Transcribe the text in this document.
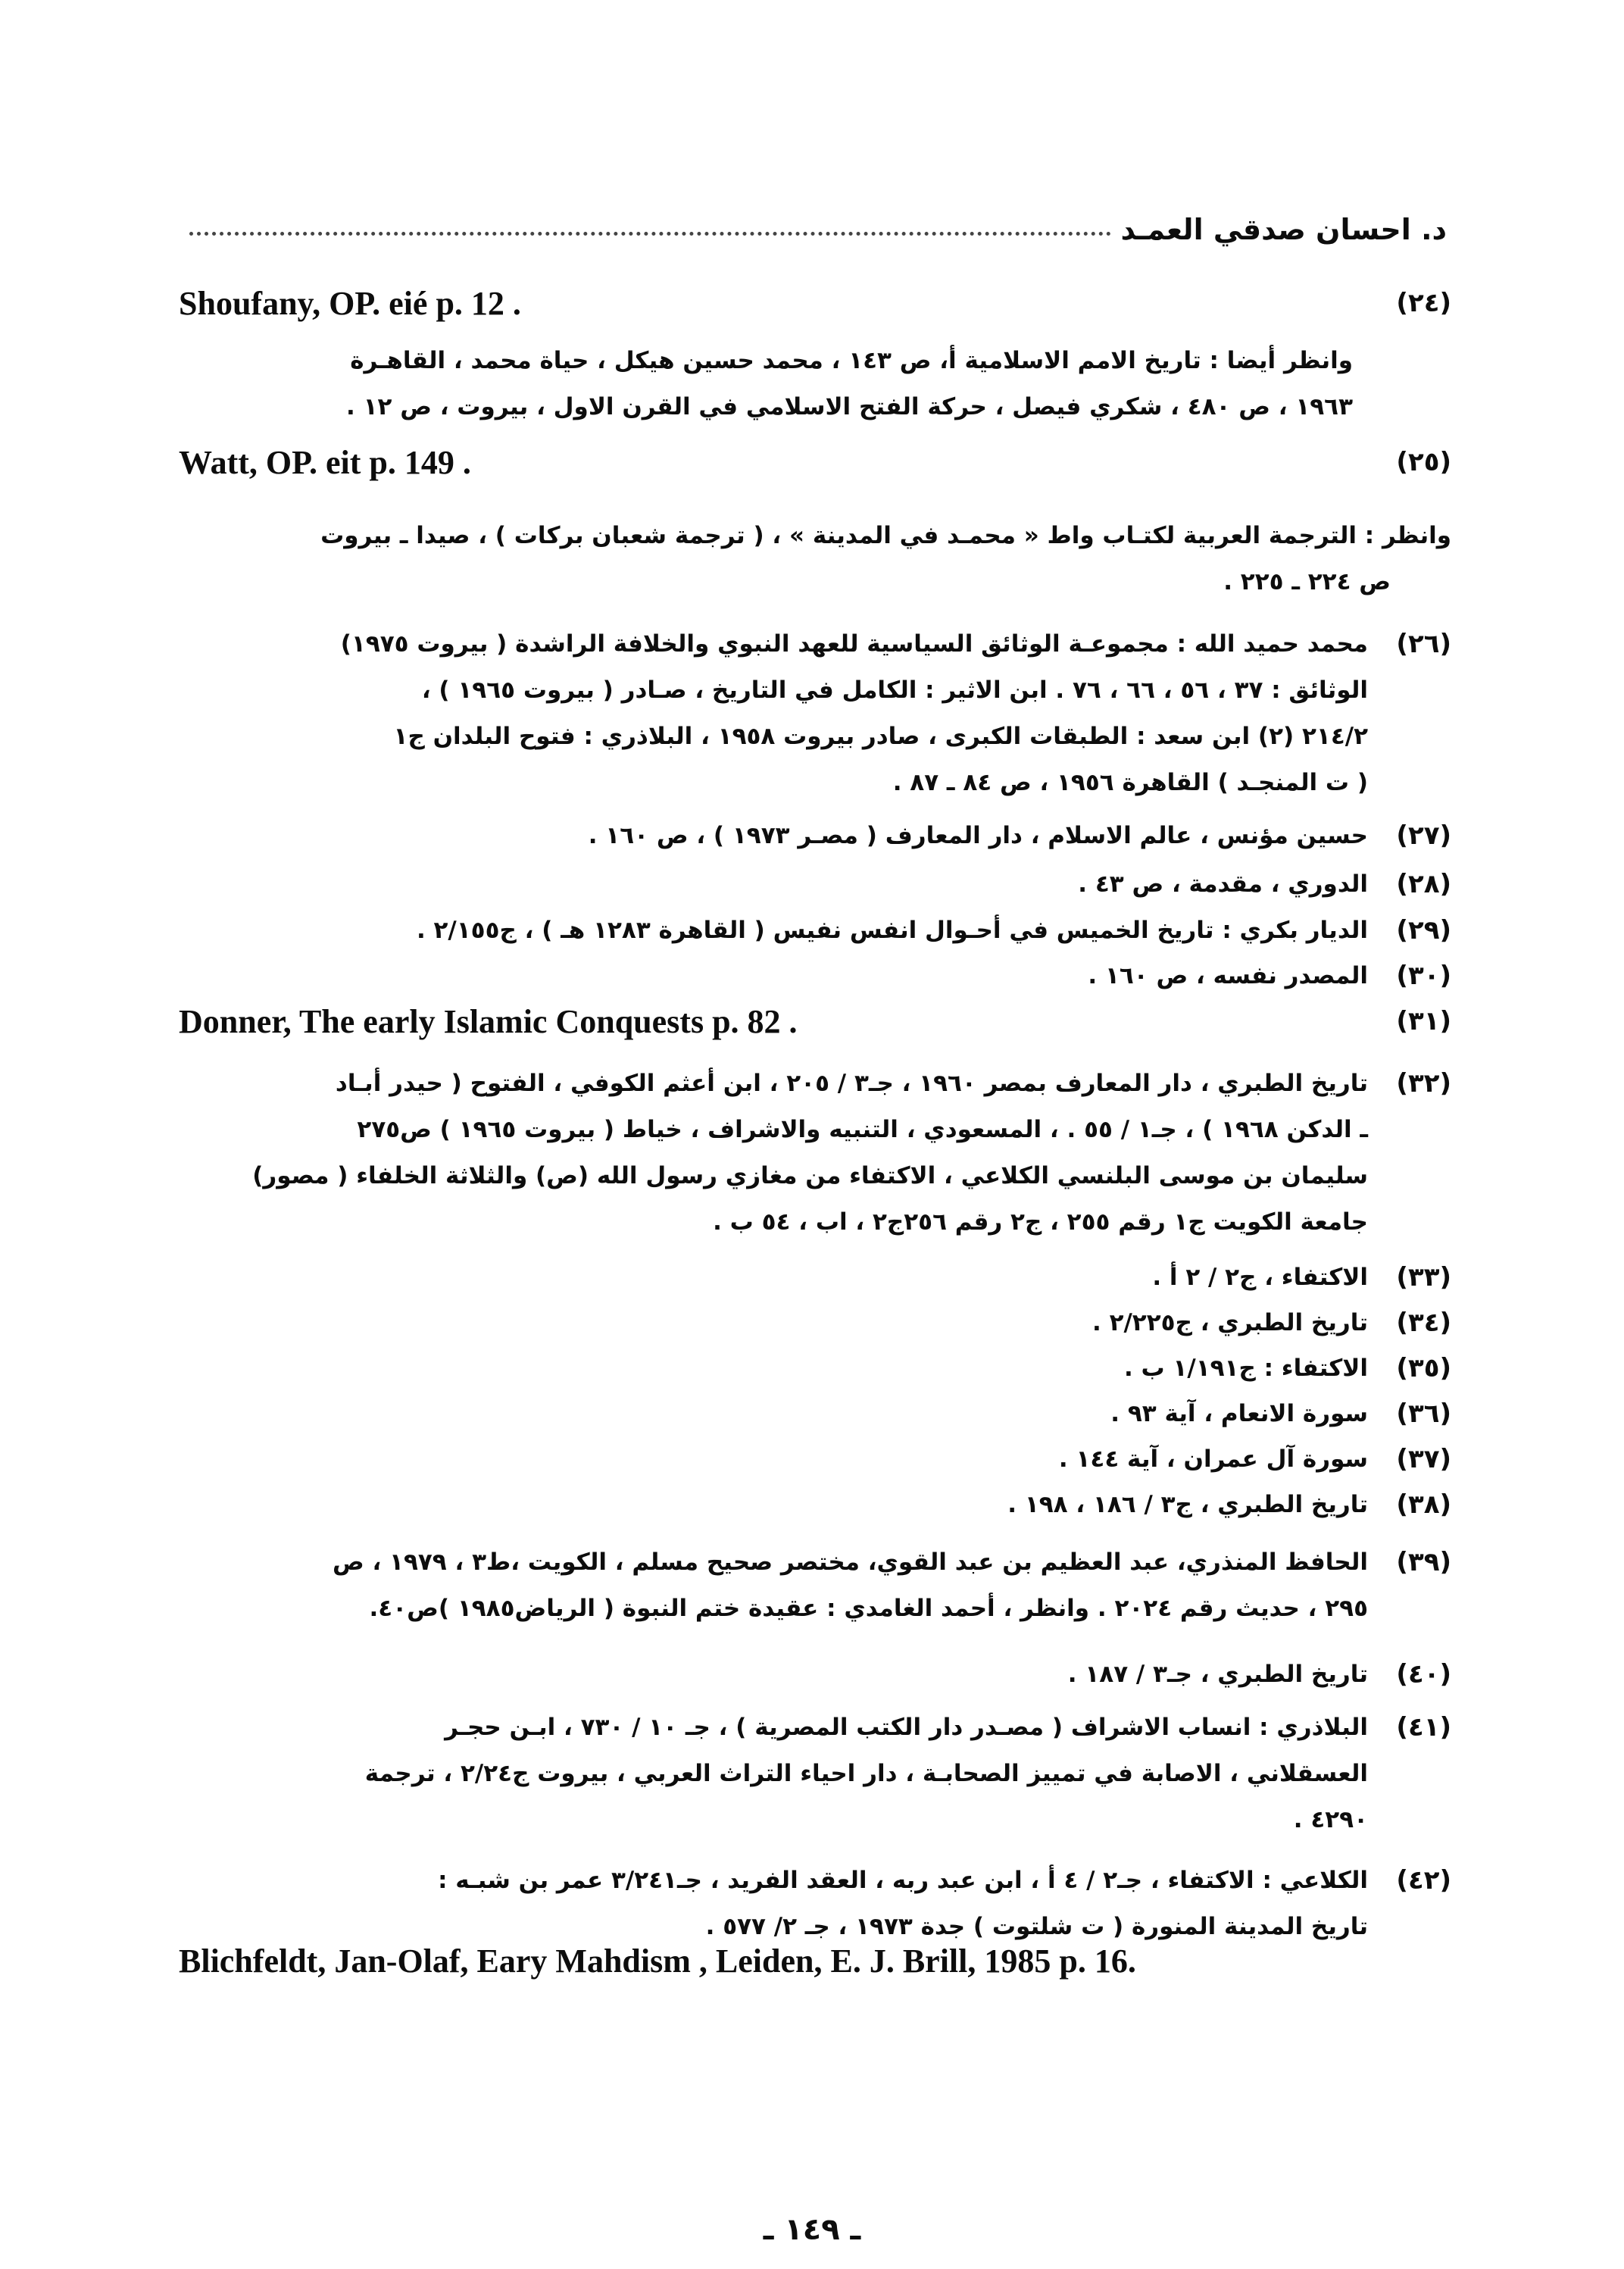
د. احسان صدقي العمـد
(٢٤)
Shoufany, OP. eié p. 12 .
وانظر أيضا : تاريخ الامم الاسلامية أ، ص ١٤٣ ، محمد حسين هيكل ، حياة محمد ، القاهـرة
١٩٦٣ ، ص ٤٨٠ ، شكري فيصل ، حركة الفتح الاسلامي في القرن الاول ، بيروت ، ص ١٢ .
(٢٥)
Watt, OP. eit p. 149 .
وانظر : الترجمة العربية لكتـاب واط « محمـد في المدينة » ، ( ترجمة شعبان بركات ) ، صيدا ـ بيروت
ص ٢٢٤ ـ ٢٢٥ .
(٢٦)
محمد حميد الله : مجموعـة الوثائق السياسية للعهد النبوي والخلافة الراشدة ( بيروت ١٩٧٥)
الوثائق : ٣٧ ، ٥٦ ، ٦٦ ، ٧٦ . ابن الاثير : الكامل في التاريخ ، صـادر ( بيروت ١٩٦٥ ) ،
٢١٤/٢ (٢) ابن سعد : الطبقات الكبرى ، صادر بيروت ١٩٥٨ ، البلاذري : فتوح البلدان ج١
( ت المنجـد ) القاهرة ١٩٥٦ ، ص ٨٤ ـ ٨٧ .
(٢٧)
حسين مؤنس ، عالم الاسلام ، دار المعارف ( مصـر ١٩٧٣ ) ، ص ١٦٠ .
(٢٨)
الدوري ، مقدمة ، ص ٤٣ .
(٢٩)
الديار بكري : تاريخ الخميس في أحـوال انفس نفيس ( القاهرة ١٢٨٣ هـ ) ، ج٢/١٥٥ .
(٣٠)
المصدر نفسه ، ص ١٦٠ .
(٣١)
Donner, The early Islamic Conquests p. 82 .
(٣٢)
تاريخ الطبري ، دار المعارف بمصر ١٩٦٠ ، جـ٣ / ٢٠٥ ، ابن أعثم الكوفي ، الفتوح ( حيدر أبـاد
ـ الدكن ١٩٦٨ ) ، جـ١ / ٥٥ . ، المسعودي ، التنبيه والاشراف ، خياط ( بيروت ١٩٦٥ ) ص٢٧٥
سليمان بن موسى البلنسي الكلاعي ، الاكتفاء من مغازي رسول الله (ص) والثلاثة الخلفاء ( مصور)
جامعة الكويت ج١ رقم ٢٥٥ ، ج٢ رقم ٢٥٦ج٢ ، اب ، ٥٤ ب .
(٣٣)
الاكتفاء ، ج٢ / ٢ أ .
(٣٤)
تاريخ الطبري ، ج٢/٢٢٥ .
(٣٥)
الاكتفاء : ج١/١٩١ ب .
(٣٦)
سورة الانعام ، آية ٩٣ .
(٣٧)
سورة آل عمران ، آية ١٤٤ .
(٣٨)
تاريخ الطبري ، ج٣ / ١٨٦ ، ١٩٨ .
(٣٩)
الحافظ المنذري، عبد العظيم بن عبد القوي، مختصر صحيح مسلم ، الكويت ،ط٣ ، ١٩٧٩ ، ص
٢٩٥ ، حديث رقم ٢٠٢٤ . وانظر ، أحمد الغامدي : عقيدة ختم النبوة ( الرياض١٩٨٥ )ص٤٠.
(٤٠)
تاريخ الطبري ، جـ٣ / ١٨٧ .
(٤١)
البلاذري : انساب الاشراف ( مصـدر دار الكتب المصرية ) ، جـ ١٠ / ٧٣٠ ، ابـن حجـر
العسقلاني ، الاصابة في تمييز الصحابـة ، دار احياء التراث العربي ، بيروت ج٢/٢٤ ، ترجمة
٤٢٩٠ .
(٤٢)
الكلاعي : الاكتفاء ، جـ٢ / ٤ أ ، ابن عبد ربه ، العقد الفريد ، جـ٣/٢٤١ عمر بن شبـه :
تاريخ المدينة المنورة ( ت شلتوت ) جدة ١٩٧٣ ، جـ ٢/ ٥٧٧ .
Blichfeldt, Jan-Olaf, Eary Mahdism , Leiden, E. J. Brill, 1985 p. 16.
ـ ١٤٩ ـ
